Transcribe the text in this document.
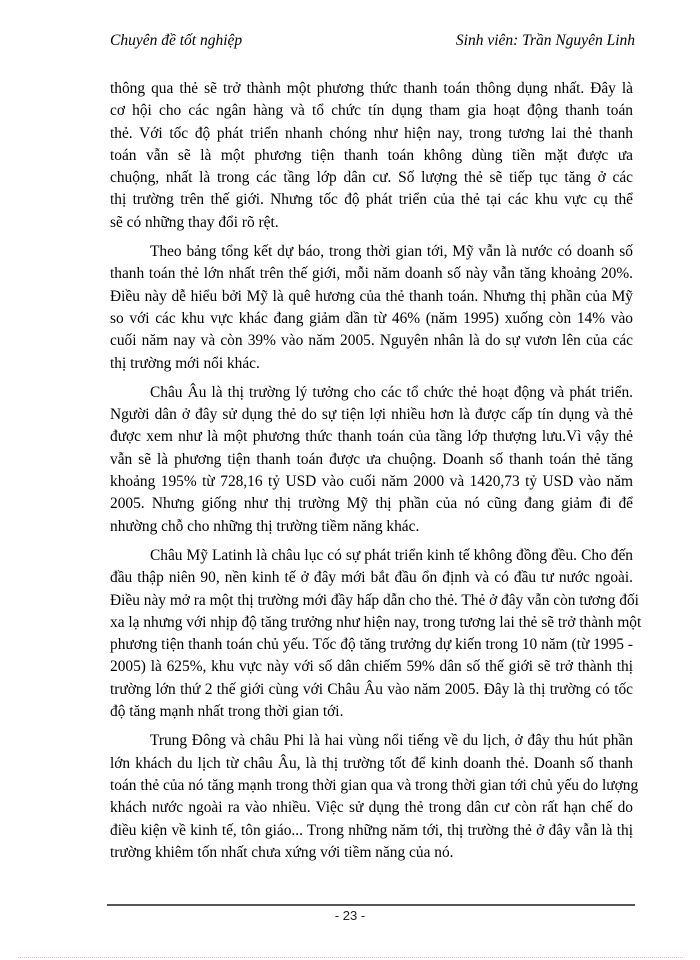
Chuyên đề tốt nghiệp	Sinh viên: Trần Nguyên Linh
thông qua thẻ sẽ trở thành một phương thức thanh toán thông dụng nhất. Đây là
cơ hội cho các ngân hàng và tổ chức tín dụng tham gia hoạt động thanh toán
thẻ. Với tốc độ phát triển nhanh chóng như hiện nay, trong tương lai thẻ thanh
toán vẫn sẽ là một phương tiện thanh toán không dùng tiền mặt được ưa
chuộng, nhất là trong các tầng lớp dân cư. Số lượng thẻ sẽ tiếp tục tăng ở các
thị trường trên thế giới. Nhưng tốc độ phát triển của thẻ tại các khu vực cụ thể
sẽ có những thay đổi rõ rệt.
Theo bảng tổng kết dự báo, trong thời gian tới, Mỹ vẫn là nước có doanh số
thanh toán thẻ lớn nhất trên thế giới, mỗi năm doanh số này vẫn tăng khoảng 20%.
Điều này dễ hiểu bởi Mỹ là quê hương của thẻ thanh toán. Nhưng thị phần của Mỹ
so với các khu vực khác đang giảm dần từ 46% (năm 1995) xuống còn 14% vào
cuối năm nay và còn 39% vào năm 2005. Nguyên nhân là do sự vươn lên của các
thị trường mới nổi khác.
Châu Âu là thị trường lý tưởng cho các tổ chức thẻ hoạt động và phát triển.
Người dân ở đây sử dụng thẻ do sự tiện lợi nhiều hơn là được cấp tín dụng và thẻ
được xem như là một phương thức thanh toán của tầng lớp thượng lưu.Vì vậy thẻ
vẫn sẽ là phương tiện thanh toán được ưa chuộng. Doanh số thanh toán thẻ tăng
khoảng 195% từ 728,16 tỷ USD vào cuối năm 2000 và 1420,73 tỷ USD vào năm
2005. Nhưng giống như thị trường Mỹ thị phần của nó cũng đang giảm đi để
nhường chỗ cho những thị trường tiềm năng khác.
Châu Mỹ Latinh là châu lục có sự phát triển kinh tế không đồng đều. Cho đến
đầu thập niên 90, nền kinh tế ở đây mới bắt đầu ổn định và có đầu tư nước ngoài.
Điều này mở ra một thị trường mới đầy hấp dẫn cho thẻ. Thẻ ở đây vẫn còn tương đối
xa lạ nhưng với nhịp độ tăng trưởng như hiện nay, trong tương lai thẻ sẽ trở thành một
phương tiện thanh toán chủ yếu. Tốc độ tăng trưởng dự kiến trong 10 năm (từ 1995 -
2005) là 625%, khu vực này với số dân chiếm 59% dân số thế giới sẽ trở thành thị
trường lớn thứ 2 thế giới cùng với Châu Âu vào năm 2005. Đây là thị trường có tốc
độ tăng mạnh nhất trong thời gian tới.
Trung Đông và châu Phi là hai vùng nổi tiếng về du lịch, ở đây thu hút phần
lớn khách du lịch từ châu Âu, là thị trường tốt để kinh doanh thẻ. Doanh số thanh
toán thẻ của nó tăng mạnh trong thời gian qua và trong thời gian tới chủ yếu do lượng
khách nước ngoài ra vào nhiều. Việc sử dụng thẻ trong dân cư còn rất hạn chế do
điều kiện về kinh tế, tôn giáo... Trong những năm tới, thị trường thẻ ở đây vẫn là thị
trường khiêm tốn nhất chưa xứng với tiềm năng của nó.
- 23 -
